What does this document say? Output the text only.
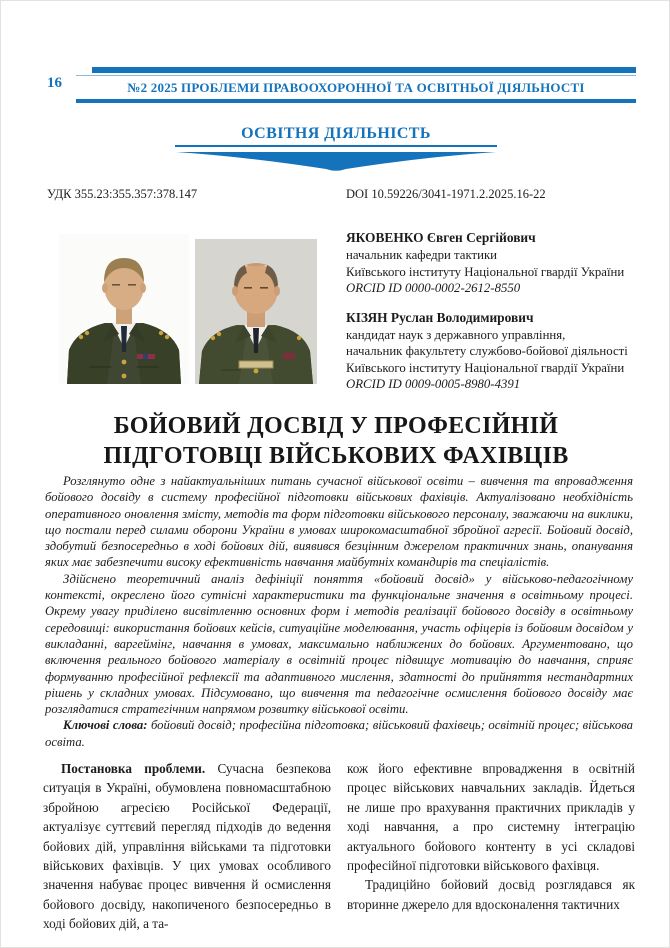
16	№2 2025 ПРОБЛЕМИ ПРАВООХОРОННОЇ ТА ОСВІТНЬОЇ ДІЯЛЬНОСТІ
ОСВІТНЯ ДІЯЛЬНІСТЬ
УДК 355.23:355.357:378.147	DOI 10.59226/3041-1971.2.2025.16-22
ЯКОВЕНКО Євген Сергійович
начальник кафедри тактики
Київського інституту Національної гвардії України
ORCID ID 0000-0002-2612-8550
КІЗЯН Руслан Володимирович
кандидат наук з державного управління,
начальник факультету службово-бойової діяльності
Київського інституту Національної гвардії України
ORCID ID 0009-0005-8980-4391
БОЙОВИЙ ДОСВІД У ПРОФЕСІЙНІЙ
ПІДГОТОВЦІ ВІЙСЬКОВИХ ФАХІВЦІВ

Розглянуто одне з найактуальніших питань сучасної військової освіти – вивчення та впровадження бойового досвіду в систему професійної підготовки військових фахівців. Актуалізовано необхідність оперативного оновлення змісту, методів та форм підготовки військового персоналу, зважаючи на виклики, що постали перед силами оборони України в умовах широкомасштабної збройної агресії. Бойовий досвід, здобутий безпосередньо в ході бойових дій, виявився безцінним джерелом практичних знань, опанування яких має забезпечити високу ефективність навчання майбутніх командирів та спеціалістів.

Здійснено теоретичний аналіз дефініції поняття «бойовий досвід» у військово-педагогічному контексті, окреслено його сутнісні характеристики та функціональне значення в освітньому процесі. Окрему увагу приділено висвітленню основних форм і методів реалізації бойового досвіду в освітньому середовищі: використання бойових кейсів, ситуаційне моделювання, участь офіцерів із бойовим досвідом у викладанні, варгеймінг, навчання в умовах, максимально наближених до бойових. Аргументовано, що включення реального бойового матеріалу в освітній процес підвищує мотивацію до навчання, сприяє формуванню професійної рефлексії та адаптивного мислення, здатності до прийняття нестандартних рішень у складних умовах. Підсумовано, що вивчення та педагогічне осмислення бойового досвіду має розглядатися стратегічним напрямом розвитку військової освіти.

Ключові слова: бойовий досвід; професійна підготовка; військовий фахівець; освітній процес; військова освіта.

Постановка проблеми. Сучасна безпекова ситуація в Україні, обумовлена повномасштабною збройною агресією Російської Федерації, актуалізує суттєвий перегляд підходів до ведення бойових дій, управління військами та підготовки військових фахівців. У цих умовах особливого значення набуває процес вивчення й осмислення бойового досвіду, накопиченого безпосередньо в ході бойових дій, а та-

кож його ефективне впровадження в освітній процес військових навчальних закладів. Йдеться не лише про врахування практичних прикладів у ході навчання, а про системну інтеграцію актуального бойового контенту в усі складові професійної підготовки військового фахівця.

Традиційно бойовий досвід розглядався як вторинне джерело для вдосконалення тактичних
